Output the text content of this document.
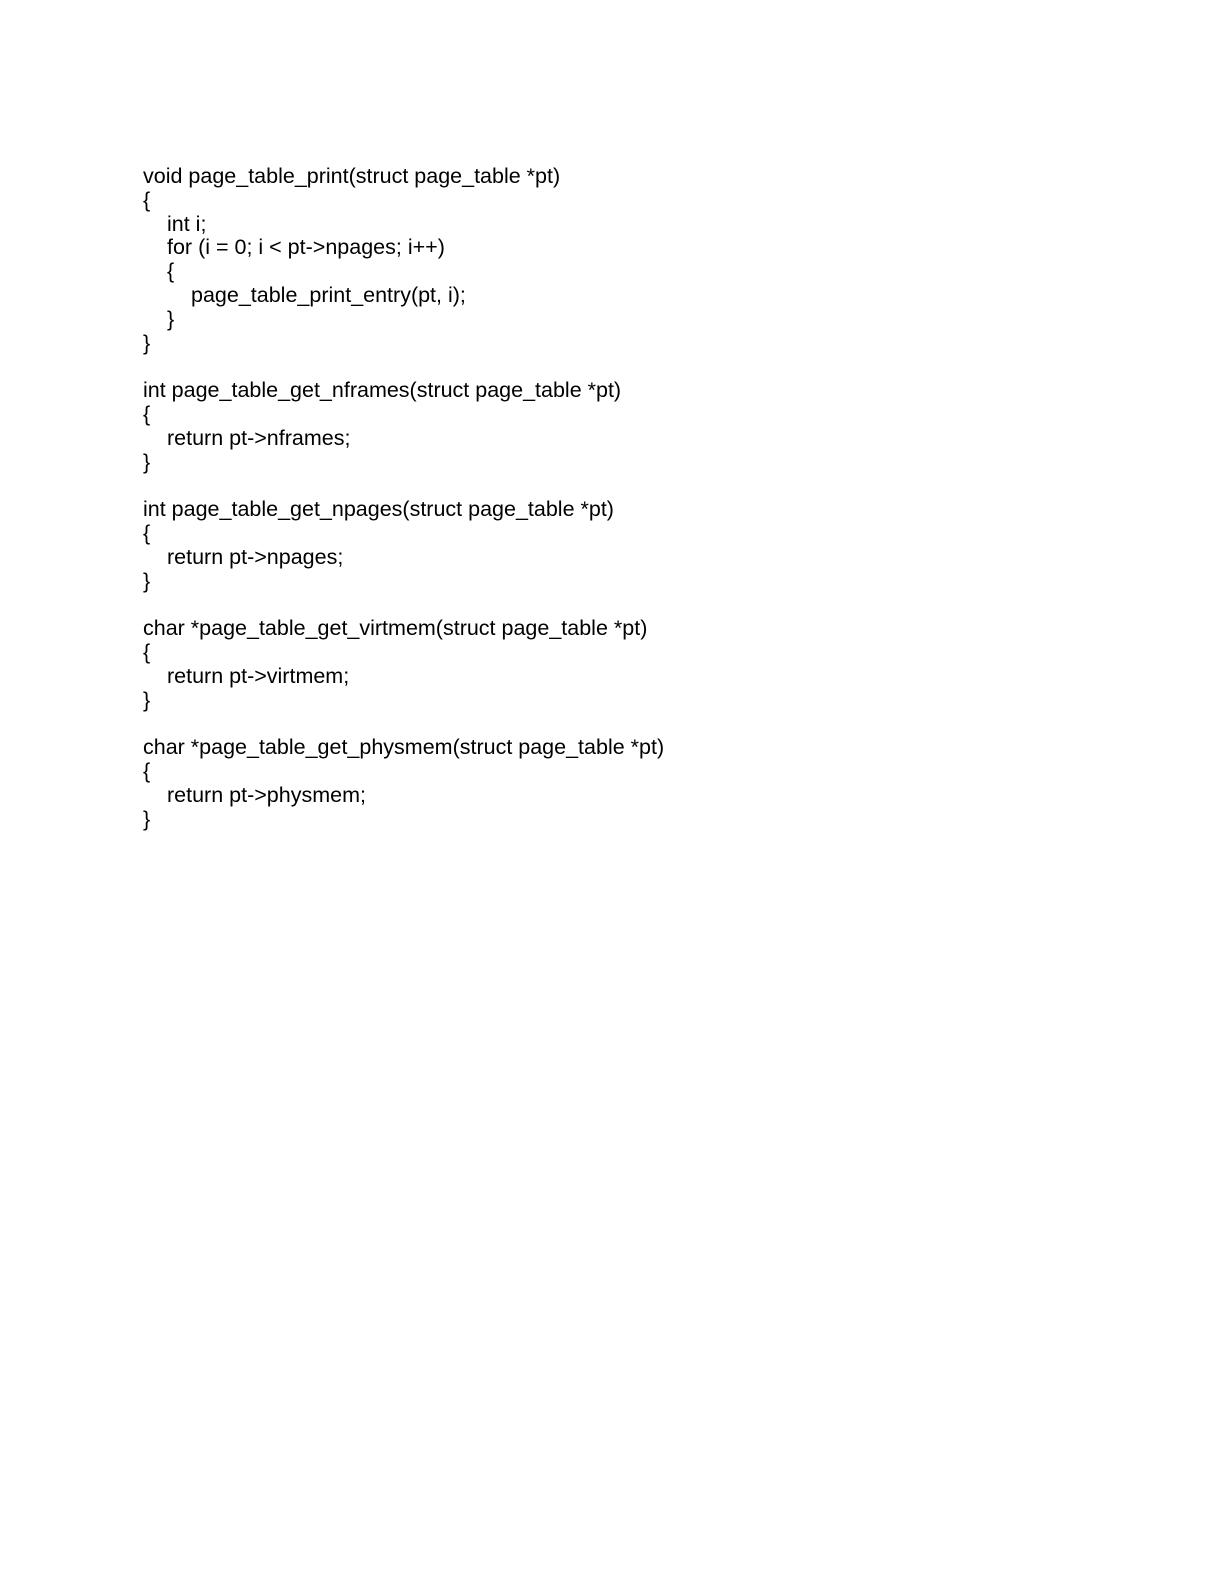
void page_table_print(struct page_table *pt)
{
int i;
for (i = 0; i < pt->npages; i++)
{
page_table_print_entry(pt, i);
}
}
int page_table_get_nframes(struct page_table *pt)
{
return pt->nframes;
}
int page_table_get_npages(struct page_table *pt)
{
return pt->npages;
}
char *page_table_get_virtmem(struct page_table *pt)
{
return pt->virtmem;
}
char *page_table_get_physmem(struct page_table *pt)
{
return pt->physmem;
}
